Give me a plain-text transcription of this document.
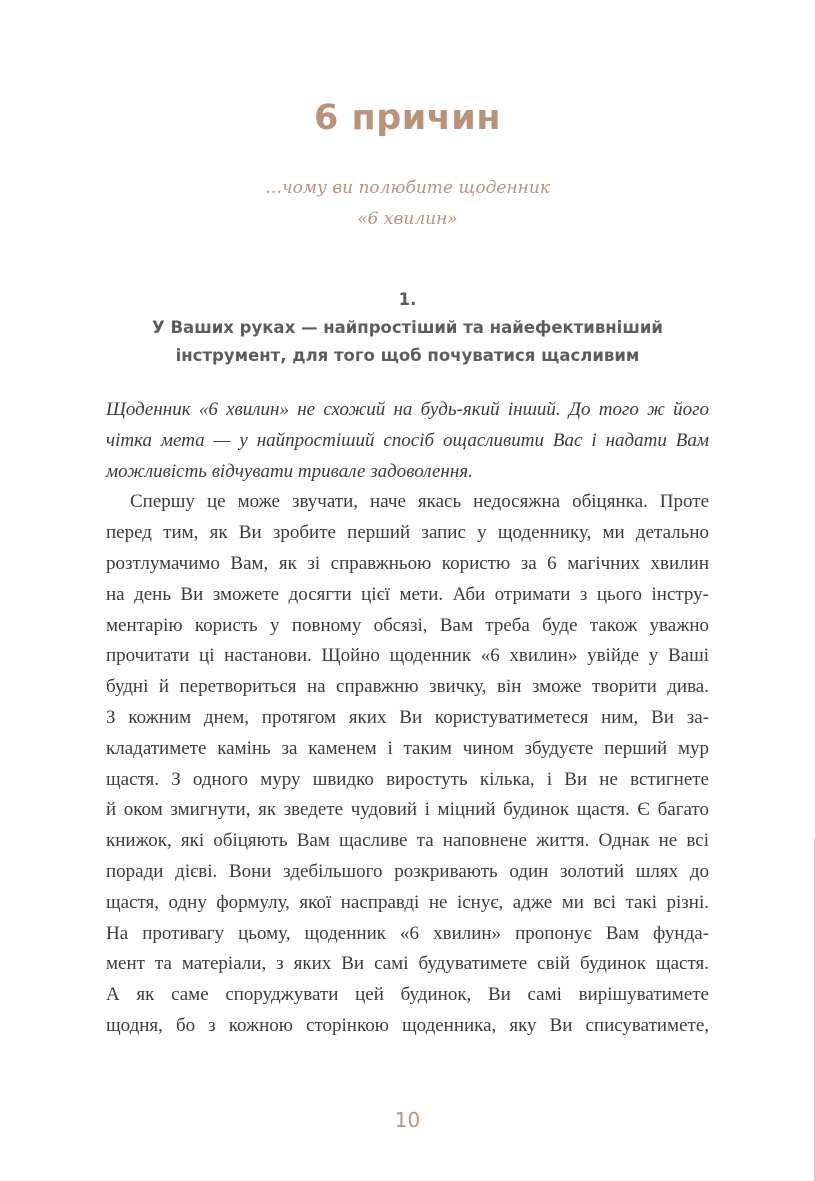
6 причин
…чому ви полюбите щоденник
«6 хвилин»
1.
У Ваших руках — найпростіший та найефективніший
інструмент, для того щоб почуватися щасливим
Щоденник «6 хвилин» не схожий на будь-який інший. До того ж його
чітка мета — у найпростіший спосіб ощасливити Вас і надати Вам
можливість відчувати тривале задоволення.
Спершу це може звучати, наче якась недосяжна обіцянка. Проте
перед тим, як Ви зробите перший запис у щоденнику, ми детально
розтлумачимо Вам, як зі справжньою користю за 6 магічних хвилин
на день Ви зможете досягти цієї мети. Аби отримати з цього інстру-
ментарію користь у повному обсязі, Вам треба буде також уважно
прочитати ці настанови. Щойно щоденник «6 хвилин» увійде у Ваші
будні й перетвориться на справжню звичку, він зможе творити дива.
З кожним днем, протягом яких Ви користуватиметеся ним, Ви за-
кладатимете камінь за каменем і таким чином збудуєте перший мур
щастя. З одного муру швидко виростуть кілька, і Ви не встигнете
й оком змигнути, як зведете чудовий і міцний будинок щастя. Є багато
книжок, які обіцяють Вам щасливе та наповнене життя. Однак не всі
поради дієві. Вони здебільшого розкривають один золотий шлях до
щастя, одну формулу, якої насправді не існує, адже ми всі такі різні.
На противагу цьому, щоденник «6 хвилин» пропонує Вам фунда-
мент та матеріали, з яких Ви самі будуватимете свій будинок щастя.
А як саме споруджувати цей будинок, Ви самі вирішуватимете
щодня, бо з кожною сторінкою щоденника, яку Ви списуватимете,
10
